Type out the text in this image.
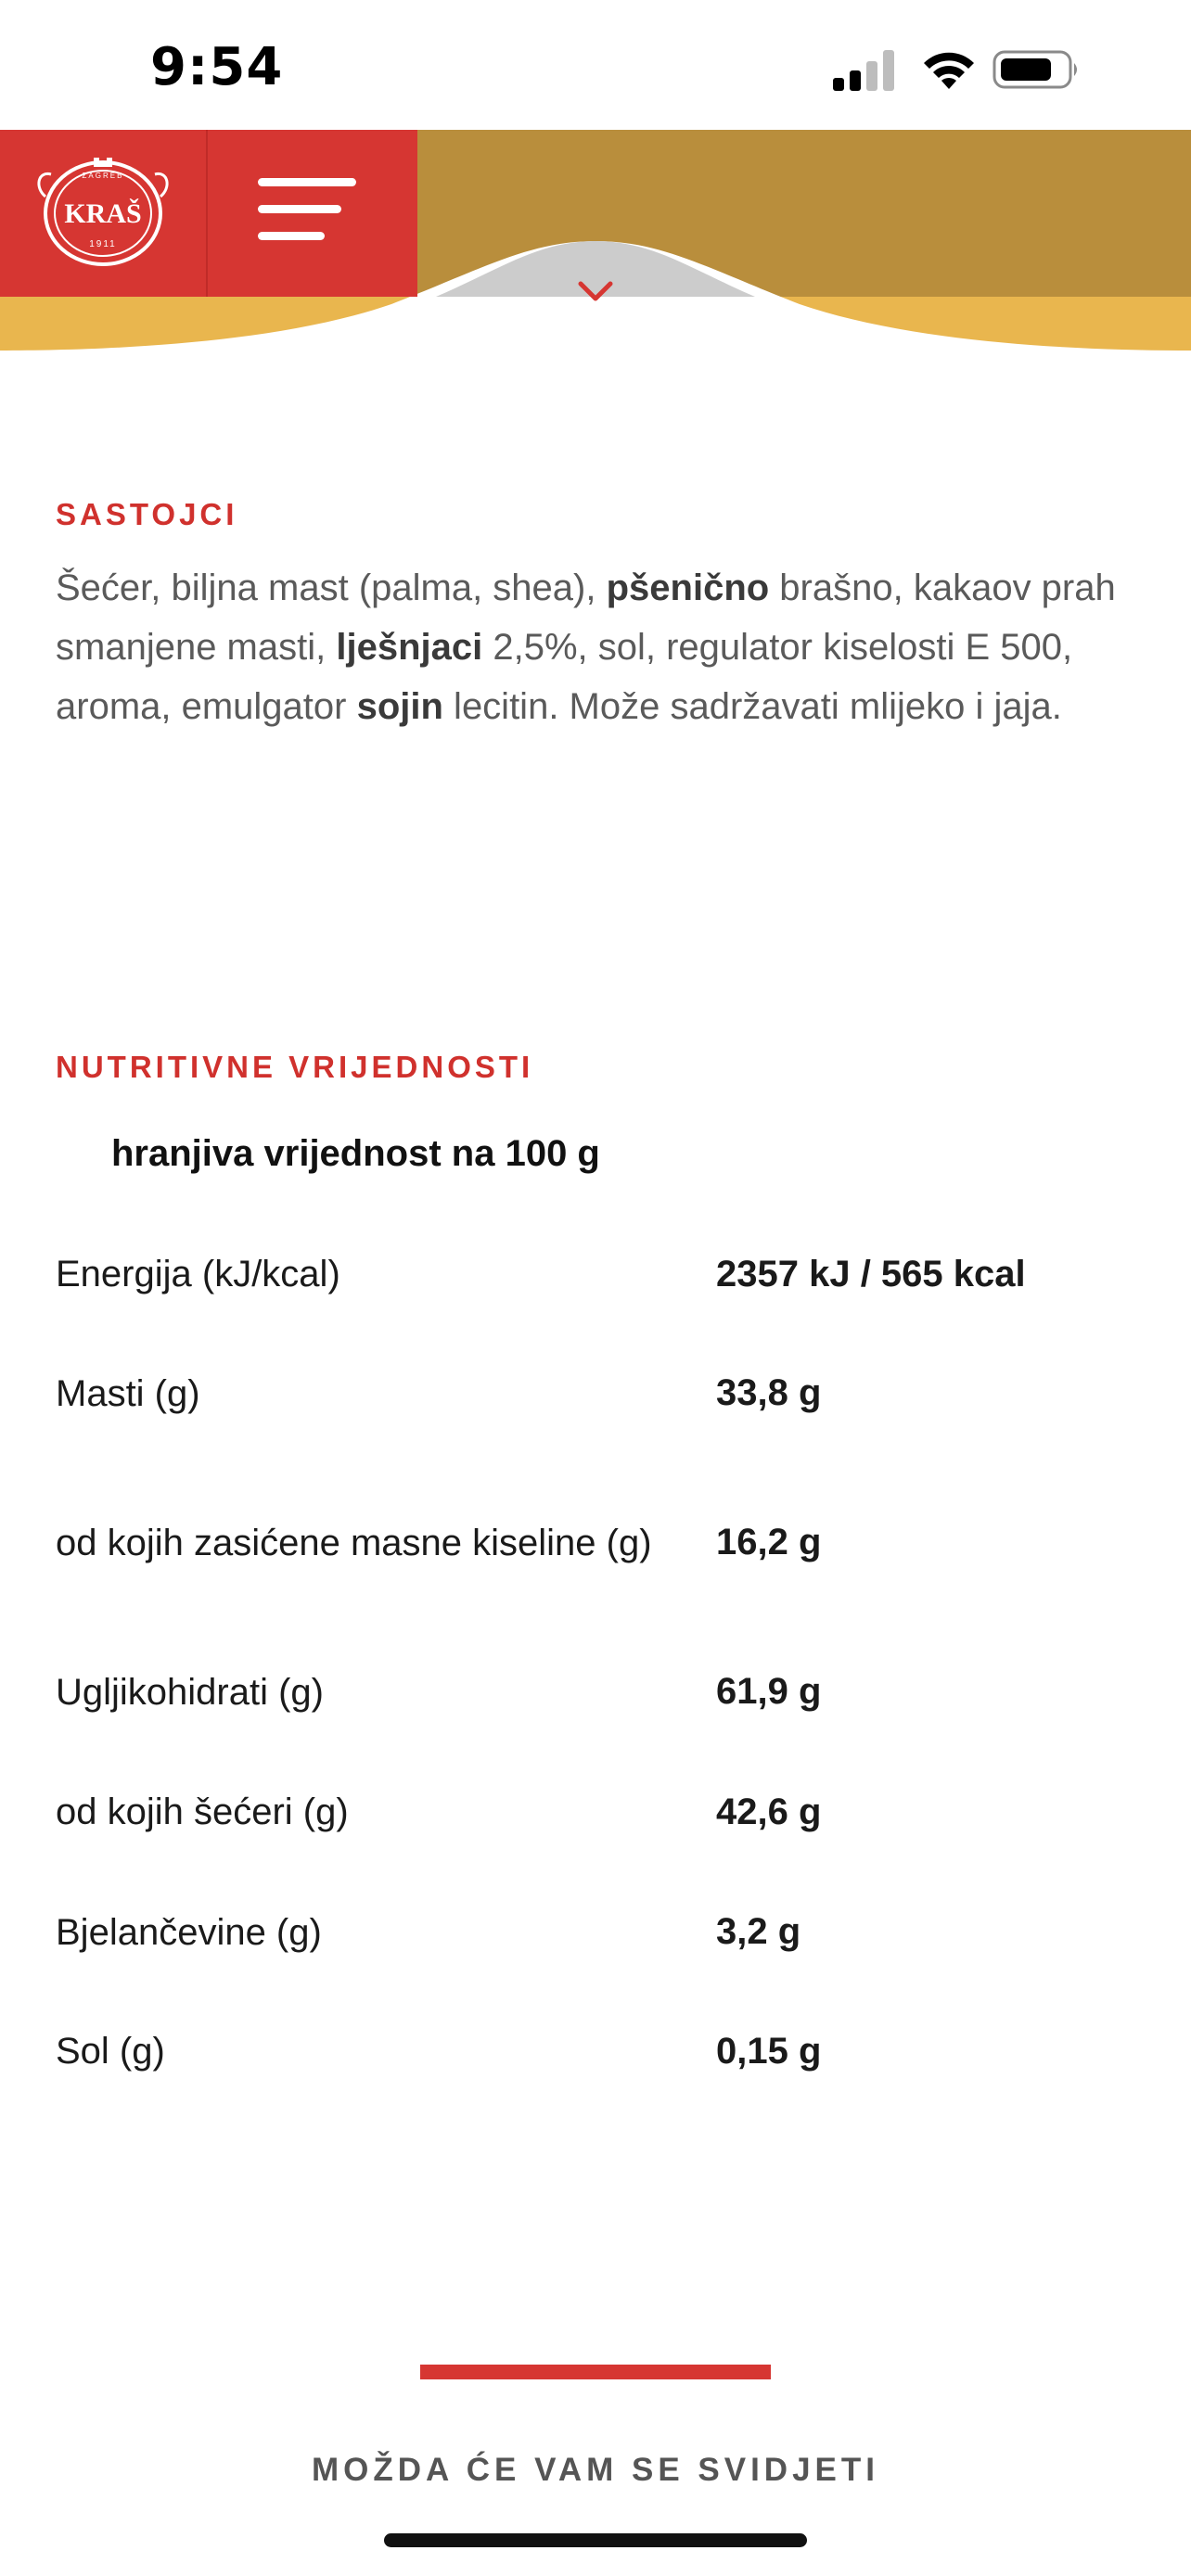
9:54
ZAGREB
KRAŠ
1911
SASTOJCI

Šećer, biljna mast (palma, shea), pšenično brašno, kakaov prah smanjene masti, lješnjaci 2,5%, sol, regulator kiselosti E 500, aroma, emulgator sojin lecitin. Može sadržavati mlijeko i jaja.

NUTRITIVNE VRIJEDNOSTI
hranjiva vrijednost na 100 g
Energija (kJ/kcal)	2357 kJ / 565 kcal
Masti (g)	33,8 g
od kojih zasićene masne kiseline (g)	16,2 g
Ugljikohidrati (g)	61,9 g
od kojih šećeri (g)	42,6 g
Bjelančevine (g)	3,2 g
Sol (g)	0,15 g
MOŽDA ĆE VAM SE SVIDJETI
